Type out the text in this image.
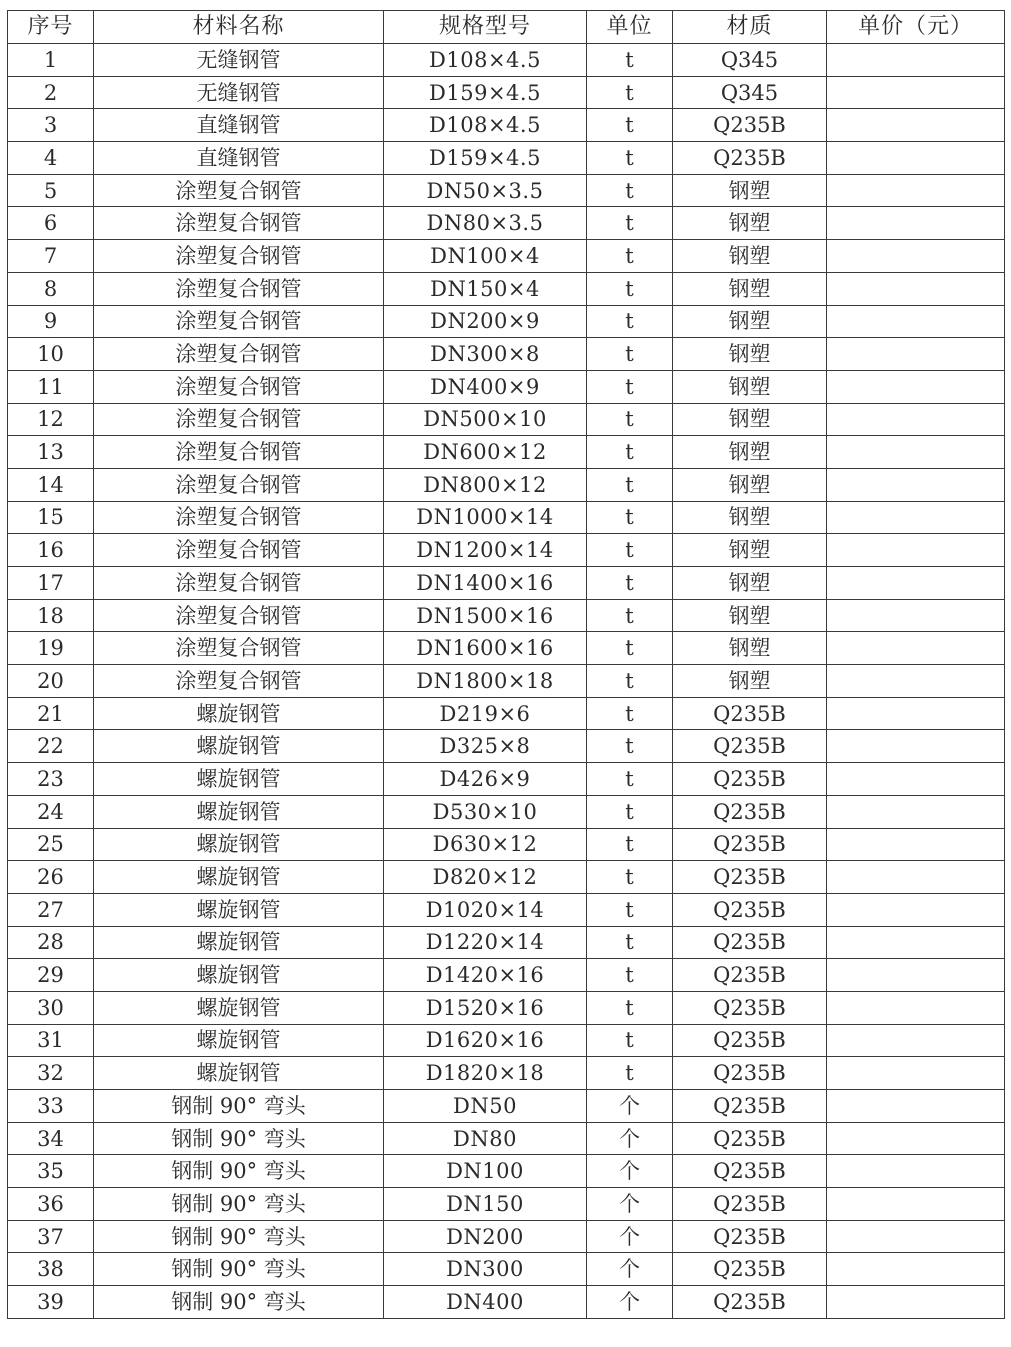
序号	材料名称	规格型号	单位	材质	单价（元）
1	无缝钢管	D108×4.5	t	Q345	
2	无缝钢管	D159×4.5	t	Q345	
3	直缝钢管	D108×4.5	t	Q235B	
4	直缝钢管	D159×4.5	t	Q235B	
5	涂塑复合钢管	DN50×3.5	t	钢塑	
6	涂塑复合钢管	DN80×3.5	t	钢塑	
7	涂塑复合钢管	DN100×4	t	钢塑	
8	涂塑复合钢管	DN150×4	t	钢塑	
9	涂塑复合钢管	DN200×9	t	钢塑	
10	涂塑复合钢管	DN300×8	t	钢塑	
11	涂塑复合钢管	DN400×9	t	钢塑	
12	涂塑复合钢管	DN500×10	t	钢塑	
13	涂塑复合钢管	DN600×12	t	钢塑	
14	涂塑复合钢管	DN800×12	t	钢塑	
15	涂塑复合钢管	DN1000×14	t	钢塑	
16	涂塑复合钢管	DN1200×14	t	钢塑	
17	涂塑复合钢管	DN1400×16	t	钢塑	
18	涂塑复合钢管	DN1500×16	t	钢塑	
19	涂塑复合钢管	DN1600×16	t	钢塑	
20	涂塑复合钢管	DN1800×18	t	钢塑	
21	螺旋钢管	D219×6	t	Q235B	
22	螺旋钢管	D325×8	t	Q235B	
23	螺旋钢管	D426×9	t	Q235B	
24	螺旋钢管	D530×10	t	Q235B	
25	螺旋钢管	D630×12	t	Q235B	
26	螺旋钢管	D820×12	t	Q235B	
27	螺旋钢管	D1020×14	t	Q235B	
28	螺旋钢管	D1220×14	t	Q235B	
29	螺旋钢管	D1420×16	t	Q235B	
30	螺旋钢管	D1520×16	t	Q235B	
31	螺旋钢管	D1620×16	t	Q235B	
32	螺旋钢管	D1820×18	t	Q235B	
33	钢制 90° 弯头	DN50	个	Q235B	
34	钢制 90° 弯头	DN80	个	Q235B	
35	钢制 90° 弯头	DN100	个	Q235B	
36	钢制 90° 弯头	DN150	个	Q235B	
37	钢制 90° 弯头	DN200	个	Q235B	
38	钢制 90° 弯头	DN300	个	Q235B	
39	钢制 90° 弯头	DN400	个	Q235B	
